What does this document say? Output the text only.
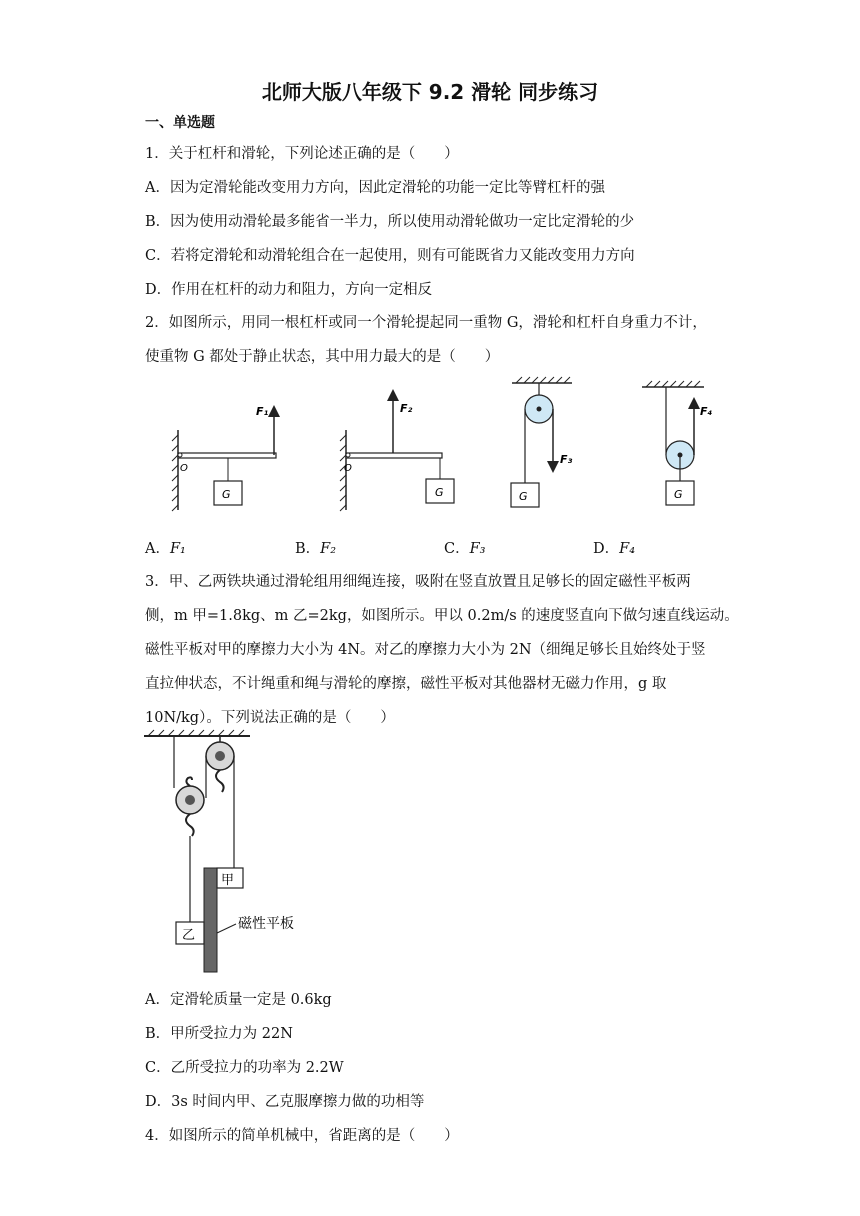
北师大版八年级下 9.2 滑轮 同步练习
一、单选题
1．关于杠杆和滑轮，下列论述正确的是（　　）
A．因为定滑轮能改变用力方向，因此定滑轮的功能一定比等臂杠杆的强
B．因为使用动滑轮最多能省一半力，所以使用动滑轮做功一定比定滑轮的少
C．若将定滑轮和动滑轮组合在一起使用，则有可能既省力又能改变用力方向
D．作用在杠杆的动力和阻力，方向一定相反
2．如图所示，用同一根杠杆或同一个滑轮提起同一重物 G，滑轮和杠杆自身重力不计，
使重物 G 都处于静止状态，其中用力最大的是（　　）
O
G
F₁
O
F₂
G	G
F₃
F₄
G
A．F₁	B．F₂	C．F₃	D．F₄
3．甲、乙两铁块通过滑轮组用细绳连接，吸附在竖直放置且足够长的固定磁性平板两
侧，m 甲=1.8kg、m 乙=2kg，如图所示。甲以 0.2m/s 的速度竖直向下做匀速直线运动。
磁性平板对甲的摩擦力大小为 4N。对乙的摩擦力大小为 2N（细绳足够长且始终处于竖
直拉伸状态，不计绳重和绳与滑轮的摩擦，磁性平板对其他器材无磁力作用，g 取
10N/kg）。下列说法正确的是（　　）
甲
乙
磁性平板
A．定滑轮质量一定是 0.6kg
B．甲所受拉力为 22N
C．乙所受拉力的功率为 2.2W
D．3s 时间内甲、乙克服摩擦力做的功相等
4．如图所示的简单机械中，省距离的是（　　）
